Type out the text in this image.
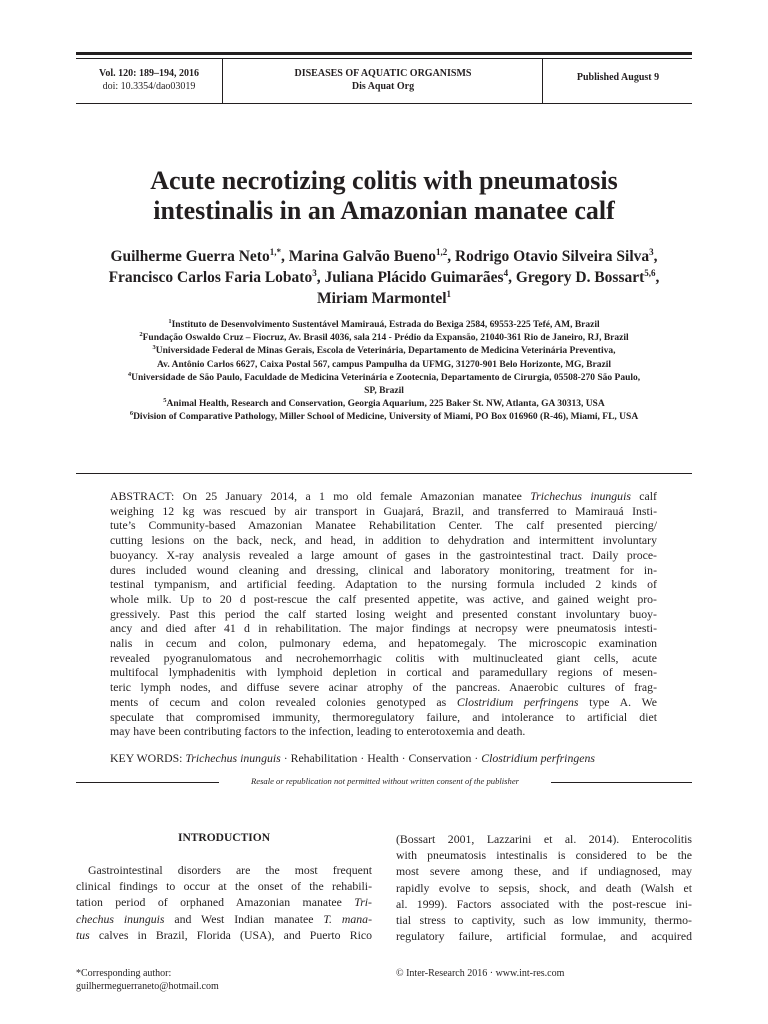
Vol. 120: 189–194, 2016
doi: 10.3354/dao03019
DISEASES OF AQUATIC ORGANISMS
Dis Aquat Org
Published August 9
Acute necrotizing colitis with pneumatosis
intestinalis in an Amazonian manatee calf
Guilherme Guerra Neto$^{1,*}$, Marina Galvão Bueno$^{1,2}$, Rodrigo Otavio Silveira Silva$^3$,
Francisco Carlos Faria Lobato$^3$, Juliana Plácido Guimarães$^4$, Gregory D. Bossart$^{5,6}$,
Miriam Marmontel$^1$
$^1$Instituto de Desenvolvimento Sustentável Mamirauá, Estrada do Bexiga 2584, 69553-225 Tefé, AM, Brazil
$^2$Fundação Oswaldo Cruz – Fiocruz, Av. Brasil 4036, sala 214 - Prédio da Expansão, 21040-361 Rio de Janeiro, RJ, Brazil
$^3$Universidade Federal de Minas Gerais, Escola de Veterinária, Departamento de Medicina Veterinária Preventiva,
Av. Antônio Carlos 6627, Caixa Postal 567, campus Pampulha da UFMG, 31270-901 Belo Horizonte, MG, Brazil
$^4$Universidade de São Paulo, Faculdade de Medicina Veterinária e Zootecnia, Departamento de Cirurgia, 05508-270 São Paulo,
SP, Brazil
$^5$Animal Health, Research and Conservation, Georgia Aquarium, 225 Baker St. NW, Atlanta, GA 30313, USA
$^6$Division of Comparative Pathology, Miller School of Medicine, University of Miami, PO Box 016960 (R-46), Miami, FL, USA
ABSTRACT: On 25 January 2014, a 1 mo old female Amazonian manatee Trichechus inunguis calf
weighing 12 kg was rescued by air transport in Guajará, Brazil, and transferred to Mamirauá Insti-
tute’s Community-based Amazonian Manatee Rehabilitation Center. The calf presented piercing/
cutting lesions on the back, neck, and head, in addition to dehydration and intermittent involuntary
buoyancy. X-ray analysis revealed a large amount of gases in the gastrointestinal tract. Daily proce-
dures included wound cleaning and dressing, clinical and laboratory monitoring, treatment for in-
testinal tympanism, and artificial feeding. Adaptation to the nursing formula included 2 kinds of
whole milk. Up to 20 d post-rescue the calf presented appetite, was active, and gained weight pro-
gressively. Past this period the calf started losing weight and presented constant involuntary buoy-
ancy and died after 41 d in rehabilitation. The major findings at necropsy were pneumatosis intesti-
nalis in cecum and colon, pulmonary edema, and hepatomegaly. The microscopic examination
revealed pyogranulomatous and necrohemorrhagic colitis with multinucleated giant cells, acute
multifocal lymphadenitis with lymphoid depletion in cortical and paramedullary regions of mesen-
teric lymph nodes, and diffuse severe acinar atrophy of the pancreas. Anaerobic cultures of frag-
ments of cecum and colon revealed colonies genotyped as Clostridium perfringens type A. We
speculate that compromised immunity, thermoregulatory failure, and intolerance to artificial diet
may have been contributing factors to the infection, leading to enterotoxemia and death.
KEY WORDS: Trichechus inunguis · Rehabilitation · Health · Conservation · Clostridium perfringens
Resale or republication not permitted without written consent of the publisher
INTRODUCTION
Gastrointestinal disorders are the most frequent
clinical findings to occur at the onset of the rehabili-
tation period of orphaned Amazonian manatee Tri-
chechus inunguis and West Indian manatee T. mana-
tus calves in Brazil, Florida (USA), and Puerto Rico
(Bossart 2001, Lazzarini et al. 2014). Enterocolitis
with pneumatosis intestinalis is considered to be the
most severe among these, and if undiagnosed, may
rapidly evolve to sepsis, shock, and death (Walsh et
al. 1999). Factors associated with the post-rescue ini-
tial stress to captivity, such as low immunity, thermo-
regulatory failure, artificial formulae, and acquired
*Corresponding author:
guilhermeguerraneto@hotmail.com
© Inter-Research 2016 · www.int-res.com
